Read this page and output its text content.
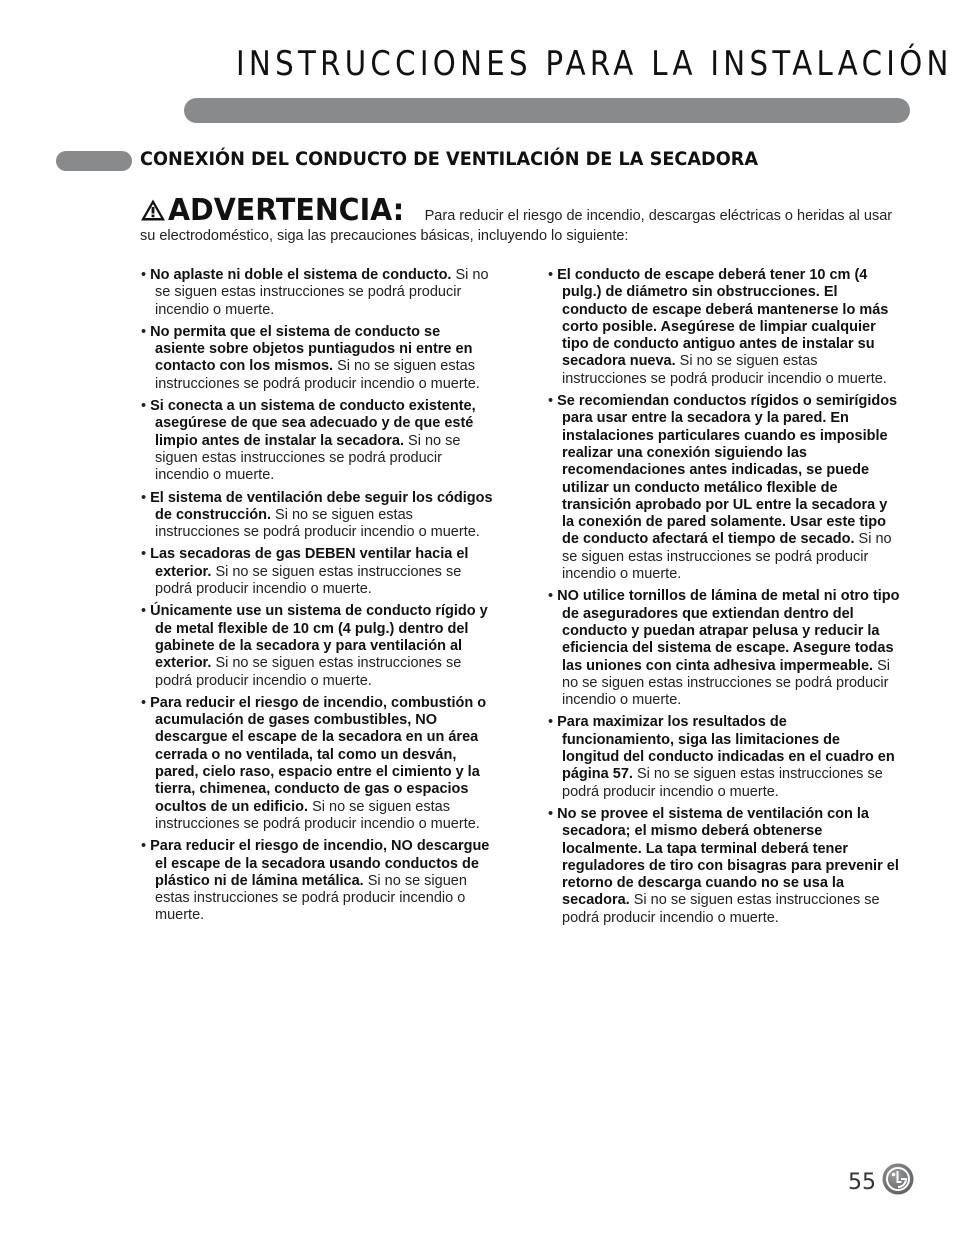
INSTRUCCIONES PARA LA INSTALACIÓN
CONEXIÓN DEL CONDUCTO DE VENTILACIÓN DE LA SECADORA
ADVERTENCIA: Para reducir el riesgo de incendio, descargas eléctricas o heridas al usar su electrodoméstico, siga las precauciones básicas, incluyendo lo siguiente:
• No aplaste ni doble el sistema de conducto. Si no se siguen estas instrucciones se podrá producir incendio o muerte.
• No permita que el sistema de conducto se asiente sobre objetos puntiagudos ni entre en contacto con los mismos. Si no se siguen estas instrucciones se podrá producir incendio o muerte.
• Si conecta a un sistema de conducto existente, asegúrese de que sea adecuado y de que esté limpio antes de instalar la secadora. Si no se siguen estas instrucciones se podrá producir incendio o muerte.
• El sistema de ventilación debe seguir los códigos de construcción. Si no se siguen estas instrucciones se podrá producir incendio o muerte.
• Las secadoras de gas DEBEN ventilar hacia el exterior. Si no se siguen estas instrucciones se podrá producir incendio o muerte.
• Únicamente use un sistema de conducto rígido y de metal flexible de 10 cm (4 pulg.) dentro del gabinete de la secadora y para ventilación al exterior. Si no se siguen estas instrucciones se podrá producir incendio o muerte.
• Para reducir el riesgo de incendio, combustión o acumulación de gases combustibles, NO descargue el escape de la secadora en un área cerrada o no ventilada, tal como un desván, pared, cielo raso, espacio entre el cimiento y la tierra, chimenea, conducto de gas o espacios ocultos de un edificio. Si no se siguen estas instrucciones se podrá producir incendio o muerte.
• Para reducir el riesgo de incendio, NO descargue el escape de la secadora usando conductos de plástico ni de lámina metálica. Si no se siguen estas instrucciones se podrá producir incendio o muerte.
• El conducto de escape deberá tener 10 cm (4 pulg.) de diámetro sin obstrucciones. El conducto de escape deberá mantenerse lo más corto posible. Asegúrese de limpiar cualquier tipo de conducto antiguo antes de instalar su secadora nueva. Si no se siguen estas instrucciones se podrá producir incendio o muerte.
• Se recomiendan conductos rígidos o semirígidos para usar entre la secadora y la pared. En instalaciones particulares cuando es imposible realizar una conexión siguiendo las recomendaciones antes indicadas, se puede utilizar un conducto metálico flexible de transición aprobado por UL entre la secadora y la conexión de pared solamente. Usar este tipo de conducto afectará el tiempo de secado. Si no se siguen estas instrucciones se podrá producir incendio o muerte.
• NO utilice tornillos de lámina de metal ni otro tipo de aseguradores que extiendan dentro del conducto y puedan atrapar pelusa y reducir la eficiencia del sistema de escape. Asegure todas las uniones con cinta adhesiva impermeable. Si no se siguen estas instrucciones se podrá producir incendio o muerte.
• Para maximizar los resultados de funcionamiento, siga las limitaciones de longitud del conducto indicadas en el cuadro en página 57. Si no se siguen estas instrucciones se podrá producir incendio o muerte.
• No se provee el sistema de ventilación con la secadora; el mismo deberá obtenerse localmente. La tapa terminal deberá tener reguladores de tiro con bisagras para prevenir el retorno de descarga cuando no se usa la secadora. Si no se siguen estas instrucciones se podrá producir incendio o muerte.
55
